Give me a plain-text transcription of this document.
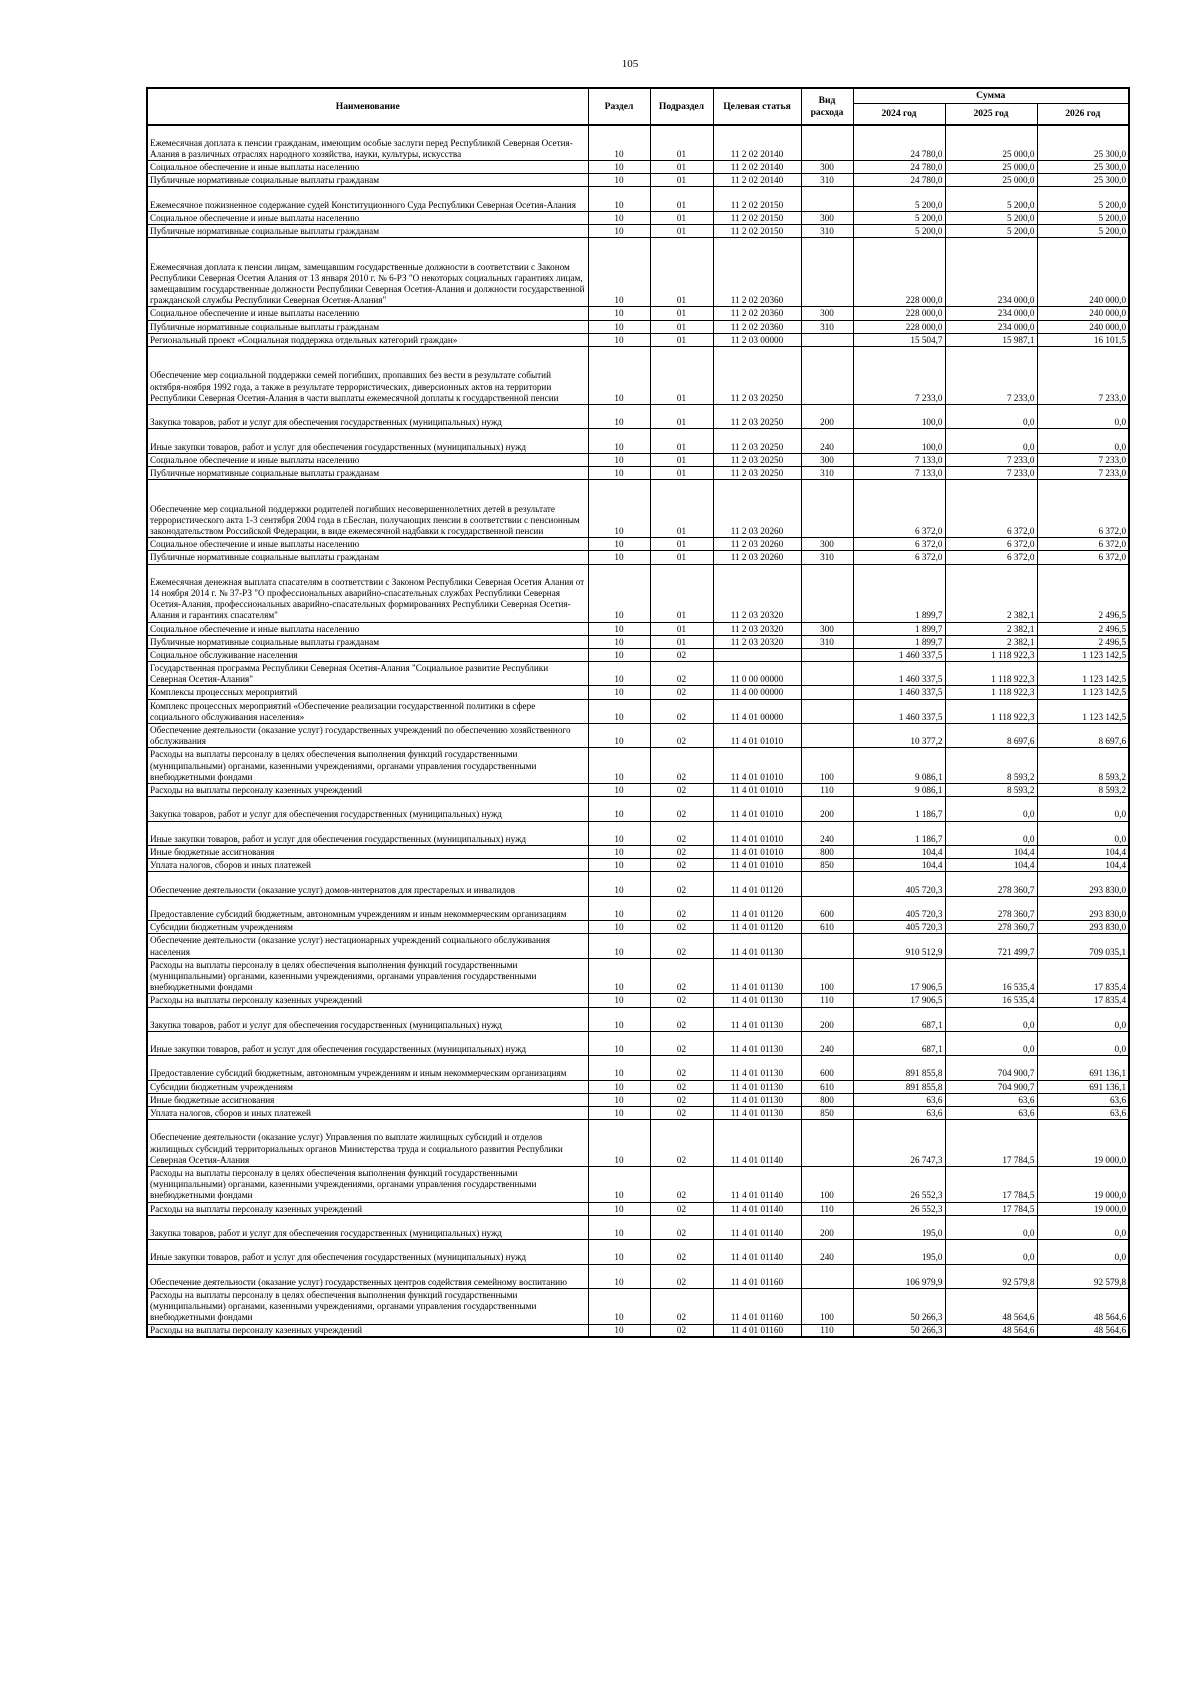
105
Наименование	Раздел	Подраздел	Целевая статья	Вид расхода	Сумма		
					2024 год	2025 год	2026 год
Ежемесячная доплата к пенсии гражданам, имеющим особые заслуги перед Республикой Северная Осетия-Алания в различных отраслях народного хозяйства, науки, культуры, искусства	10	01	11 2 02 20140		24 780,0	25 000,0	25 300,0
Социальное обеспечение и иные выплаты населению	10	01	11 2 02 20140	300	24 780,0	25 000,0	25 300,0
Публичные нормативные социальные выплаты гражданам	10	01	11 2 02 20140	310	24 780,0	25 000,0	25 300,0
Ежемесячное пожизненное содержание судей Конституционного Суда Республики Северная Осетия-Алания	10	01	11 2 02 20150		5 200,0	5 200,0	5 200,0
Социальное обеспечение и иные выплаты населению	10	01	11 2 02 20150	300	5 200,0	5 200,0	5 200,0
Публичные нормативные социальные выплаты гражданам	10	01	11 2 02 20150	310	5 200,0	5 200,0	5 200,0
Ежемесячная доплата к пенсии лицам, замещавшим государственные должности в соответствии с Законом Республики Северная Осетия Алания от 13 января 2010 г. № 6-РЗ "О некоторых социальных гарантиях лицам, замещавшим государственные должности Республики Северная Осетия-Алания и должности государственной гражданской службы Республики Северная Осетия-Алания"	10	01	11 2 02 20360		228 000,0	234 000,0	240 000,0
Социальное обеспечение и иные выплаты населению	10	01	11 2 02 20360	300	228 000,0	234 000,0	240 000,0
Публичные нормативные социальные выплаты гражданам	10	01	11 2 02 20360	310	228 000,0	234 000,0	240 000,0
Региональный проект «Социальная поддержка отдельных категорий граждан»	10	01	11 2 03 00000		15 504,7	15 987,1	16 101,5
Обеспечение мер социальной поддержки семей погибших, пропавших без вести в результате событий октября-ноября 1992 года, а также в результате террористических, диверсионных актов на территории Республики Северная Осетия-Алания в части выплаты ежемесячной доплаты к государственной пенсии	10	01	11 2 03 20250		7 233,0	7 233,0	7 233,0
Закупка товаров, работ и услуг для обеспечения государственных (муниципальных) нужд	10	01	11 2 03 20250	200	100,0	0,0	0,0
Иные закупки товаров, работ и услуг для обеспечения государственных (муниципальных) нужд	10	01	11 2 03 20250	240	100,0	0,0	0,0
Социальное обеспечение и иные выплаты населению	10	01	11 2 03 20250	300	7 133,0	7 233,0	7 233,0
Публичные нормативные социальные выплаты гражданам	10	01	11 2 03 20250	310	7 133,0	7 233,0	7 233,0
Обеспечение мер социальной поддержки родителей погибших несовершеннолетних детей в результате террористического акта 1-3 сентября 2004 года в г.Беслан, получающих пенсии в соответствии с пенсионным законодательством Российской Федерации, в виде ежемесячной надбавки к государственной пенсии	10	01	11 2 03 20260		6 372,0	6 372,0	6 372,0
Социальное обеспечение и иные выплаты населению	10	01	11 2 03 20260	300	6 372,0	6 372,0	6 372,0
Публичные нормативные социальные выплаты гражданам	10	01	11 2 03 20260	310	6 372,0	6 372,0	6 372,0
Ежемесячная денежная выплата спасателям в соответствии с Законом Республики Северная Осетия Алания от 14 ноября 2014 г. № 37-РЗ "О профессиональных аварийно-спасательных службах Республики Северная Осетия-Алания, профессиональных аварийно-спасательных формированиях Республики Северная Осетия-Алания и гарантиях спасателям"	10	01	11 2 03 20320		1 899,7	2 382,1	2 496,5
Социальное обеспечение и иные выплаты населению	10	01	11 2 03 20320	300	1 899,7	2 382,1	2 496,5
Публичные нормативные социальные выплаты гражданам	10	01	11 2 03 20320	310	1 899,7	2 382,1	2 496,5
Социальное обслуживание населения	10	02			1 460 337,5	1 118 922,3	1 123 142,5
Государственная программа Республики Северная Осетия-Алания "Социальное развитие Республики Северная Осетия-Алания"	10	02	11 0 00 00000		1 460 337,5	1 118 922,3	1 123 142,5
Комплексы процессных мероприятий	10	02	11 4 00 00000		1 460 337,5	1 118 922,3	1 123 142,5
Комплекс процессных мероприятий «Обеспечение реализации государственной политики в сфере социального обслуживания населения»	10	02	11 4 01 00000		1 460 337,5	1 118 922,3	1 123 142,5
Обеспечение деятельности (оказание услуг) государственных учреждений по обеспечению хозяйственного обслуживания	10	02	11 4 01 01010		10 377,2	8 697,6	8 697,6
Расходы на выплаты персоналу в целях обеспечения выполнения функций государственными (муниципальными) органами, казенными учреждениями, органами управления государственными внебюджетными фондами	10	02	11 4 01 01010	100	9 086,1	8 593,2	8 593,2
Расходы на выплаты персоналу казенных учреждений	10	02	11 4 01 01010	110	9 086,1	8 593,2	8 593,2
Закупка товаров, работ и услуг для обеспечения государственных (муниципальных) нужд	10	02	11 4 01 01010	200	1 186,7	0,0	0,0
Иные закупки товаров, работ и услуг для обеспечения государственных (муниципальных) нужд	10	02	11 4 01 01010	240	1 186,7	0,0	0,0
Иные бюджетные ассигнования	10	02	11 4 01 01010	800	104,4	104,4	104,4
Уплата налогов, сборов и иных платежей	10	02	11 4 01 01010	850	104,4	104,4	104,4
Обеспечение деятельности (оказание услуг) домов-интернатов для престарелых и инвалидов	10	02	11 4 01 01120		405 720,3	278 360,7	293 830,0
Предоставление субсидий бюджетным, автономным учреждениям и иным некоммерческим организациям	10	02	11 4 01 01120	600	405 720,3	278 360,7	293 830,0
Субсидии бюджетным учреждениям	10	02	11 4 01 01120	610	405 720,3	278 360,7	293 830,0
Обеспечение деятельности (оказание услуг) нестационарных учреждений социального обслуживания населения	10	02	11 4 01 01130		910 512,9	721 499,7	709 035,1
Расходы на выплаты персоналу в целях обеспечения выполнения функций государственными (муниципальными) органами, казенными учреждениями, органами управления государственными внебюджетными фондами	10	02	11 4 01 01130	100	17 906,5	16 535,4	17 835,4
Расходы на выплаты персоналу казенных учреждений	10	02	11 4 01 01130	110	17 906,5	16 535,4	17 835,4
Закупка товаров, работ и услуг для обеспечения государственных (муниципальных) нужд	10	02	11 4 01 01130	200	687,1	0,0	0,0
Иные закупки товаров, работ и услуг для обеспечения государственных (муниципальных) нужд	10	02	11 4 01 01130	240	687,1	0,0	0,0
Предоставление субсидий бюджетным, автономным учреждениям и иным некоммерческим организациям	10	02	11 4 01 01130	600	891 855,8	704 900,7	691 136,1
Субсидии бюджетным учреждениям	10	02	11 4 01 01130	610	891 855,8	704 900,7	691 136,1
Иные бюджетные ассигнования	10	02	11 4 01 01130	800	63,6	63,6	63,6
Уплата налогов, сборов и иных платежей	10	02	11 4 01 01130	850	63,6	63,6	63,6
Обеспечение деятельности (оказание услуг) Управления по выплате жилищных субсидий и отделов жилищных субсидий территориальных органов Министерства труда и социального развития Республики Северная Осетия-Алания	10	02	11 4 01 01140		26 747,3	17 784,5	19 000,0
Расходы на выплаты персоналу в целях обеспечения выполнения функций государственными (муниципальными) органами, казенными учреждениями, органами управления государственными внебюджетными фондами	10	02	11 4 01 01140	100	26 552,3	17 784,5	19 000,0
Расходы на выплаты персоналу казенных учреждений	10	02	11 4 01 01140	110	26 552,3	17 784,5	19 000,0
Закупка товаров, работ и услуг для обеспечения государственных (муниципальных) нужд	10	02	11 4 01 01140	200	195,0	0,0	0,0
Иные закупки товаров, работ и услуг для обеспечения государственных (муниципальных) нужд	10	02	11 4 01 01140	240	195,0	0,0	0,0
Обеспечение деятельности (оказание услуг) государственных центров содействия семейному воспитанию	10	02	11 4 01 01160		106 979,9	92 579,8	92 579,8
Расходы на выплаты персоналу в целях обеспечения выполнения функций государственными (муниципальными) органами, казенными учреждениями, органами управления государственными внебюджетными фондами	10	02	11 4 01 01160	100	50 266,3	48 564,6	48 564,6
Расходы на выплаты персоналу казенных учреждений	10	02	11 4 01 01160	110	50 266,3	48 564,6	48 564,6
